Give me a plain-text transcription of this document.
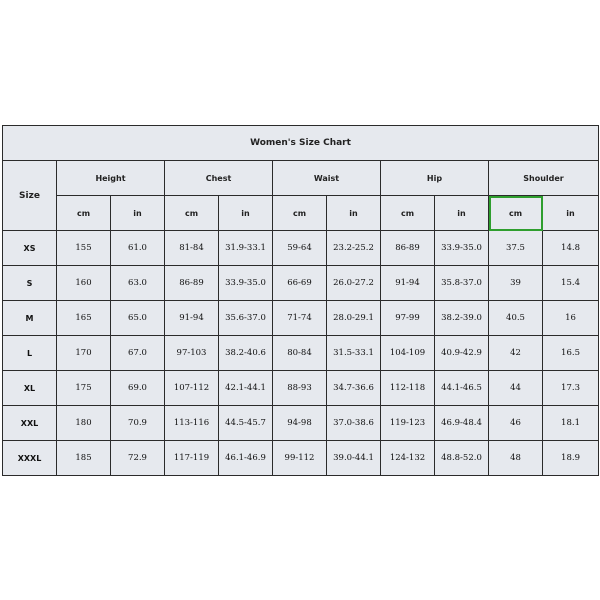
Women's Size Chart										
Size	Height		Chest		Waist		Hip		Shoulder	
	cm	in	cm	in	cm	in	cm	in	cm	in
XS	155	61.0	81-84	31.9-33.1	59-64	23.2-25.2	86-89	33.9-35.0	37.5	14.8
S	160	63.0	86-89	33.9-35.0	66-69	26.0-27.2	91-94	35.8-37.0	39	15.4
M	165	65.0	91-94	35.6-37.0	71-74	28.0-29.1	97-99	38.2-39.0	40.5	16
L	170	67.0	97-103	38.2-40.6	80-84	31.5-33.1	104-109	40.9-42.9	42	16.5
XL	175	69.0	107-112	42.1-44.1	88-93	34.7-36.6	112-118	44.1-46.5	44	17.3
XXL	180	70.9	113-116	44.5-45.7	94-98	37.0-38.6	119-123	46.9-48.4	46	18.1
XXXL	185	72.9	117-119	46.1-46.9	99-112	39.0-44.1	124-132	48.8-52.0	48	18.9
